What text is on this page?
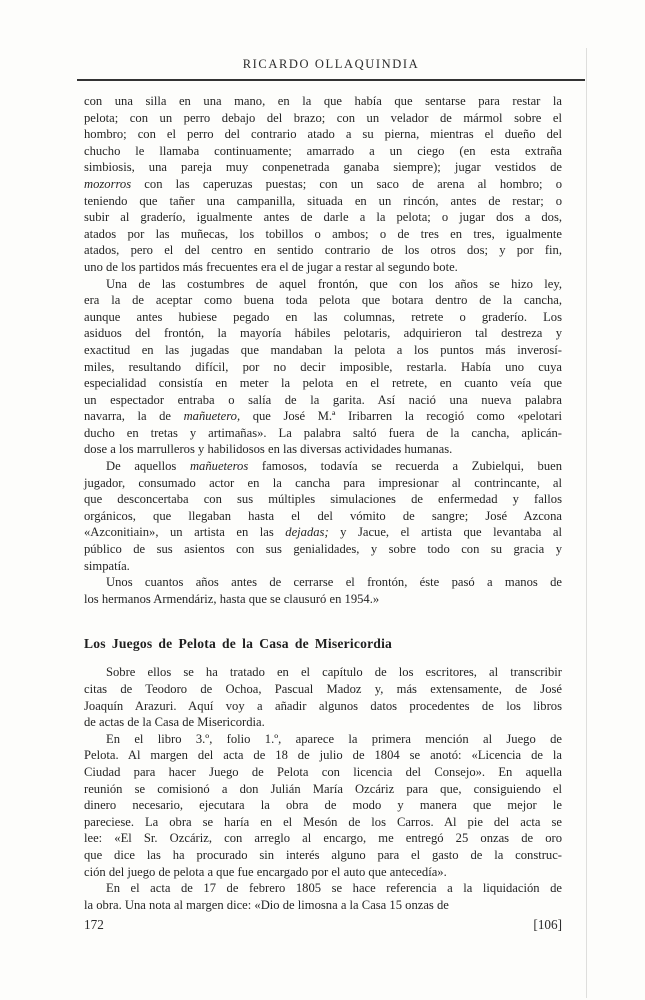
RICARDO OLLAQUINDIA
con una silla en una mano, en la que había que sentarse para restar la
pelota; con un perro debajo del brazo; con un velador de mármol sobre el
hombro; con el perro del contrario atado a su pierna, mientras el dueño del
chucho le llamaba continuamente; amarrado a un ciego (en esta extraña
simbiosis, una pareja muy conpenetrada ganaba siempre); jugar vestidos de
mozorros con las caperuzas puestas; con un saco de arena al hombro; o
teniendo que tañer una campanilla, situada en un rincón, antes de restar; o
subir al graderío, igualmente antes de darle a la pelota; o jugar dos a dos,
atados por las muñecas, los tobillos o ambos; o de tres en tres, igualmente
atados, pero el del centro en sentido contrario de los otros dos; y por fin,
uno de los partidos más frecuentes era el de jugar a restar al segundo bote.
Una de las costumbres de aquel frontón, que con los años se hizo ley,
era la de aceptar como buena toda pelota que botara dentro de la cancha,
aunque antes hubiese pegado en las columnas, retrete o graderío. Los
asiduos del frontón, la mayoría hábiles pelotaris, adquirieron tal destreza y
exactitud en las jugadas que mandaban la pelota a los puntos más inverosí-
miles, resultando difícil, por no decir imposible, restarla. Había uno cuya
especialidad consistía en meter la pelota en el retrete, en cuanto veía que
un espectador entraba o salía de la garita. Así nació una nueva palabra
navarra, la de mañuetero, que José M.ª Iribarren la recogió como «pelotari
ducho en tretas y artimañas». La palabra saltó fuera de la cancha, aplicán-
dose a los marrulleros y habilidosos en las diversas actividades humanas.
De aquellos mañueteros famosos, todavía se recuerda a Zubielqui, buen
jugador, consumado actor en la cancha para impresionar al contrincante, al
que desconcertaba con sus múltiples simulaciones de enfermedad y fallos
orgánicos, que llegaban hasta el del vómito de sangre; José Azcona
«Azconitiain», un artista en las dejadas; y Jacue, el artista que levantaba al
público de sus asientos con sus genialidades, y sobre todo con su gracia y
simpatía.
Unos cuantos años antes de cerrarse el frontón, éste pasó a manos de
los hermanos Armendáriz, hasta que se clausuró en 1954.»
Los Juegos de Pelota de la Casa de Misericordia
Sobre ellos se ha tratado en el capítulo de los escritores, al transcribir
citas de Teodoro de Ochoa, Pascual Madoz y, más extensamente, de José
Joaquín Arazuri. Aquí voy a añadir algunos datos procedentes de los libros
de actas de la Casa de Misericordia.
En el libro 3.º, folio 1.º, aparece la primera mención al Juego de
Pelota. Al margen del acta de 18 de julio de 1804 se anotó: «Licencia de la
Ciudad para hacer Juego de Pelota con licencia del Consejo». En aquella
reunión se comisionó a don Julián María Ozcáriz para que, consiguiendo el
dinero necesario, ejecutara la obra de modo y manera que mejor le
pareciese. La obra se haría en el Mesón de los Carros. Al pie del acta se
lee: «El Sr. Ozcáriz, con arreglo al encargo, me entregó 25 onzas de oro
que dice las ha procurado sin interés alguno para el gasto de la construc-
ción del juego de pelota a que fue encargado por el auto que antecedía».
En el acta de 17 de febrero 1805 se hace referencia a la liquidación de
la obra. Una nota al margen dice: «Dio de limosna a la Casa 15 onzas de
172	[106]
